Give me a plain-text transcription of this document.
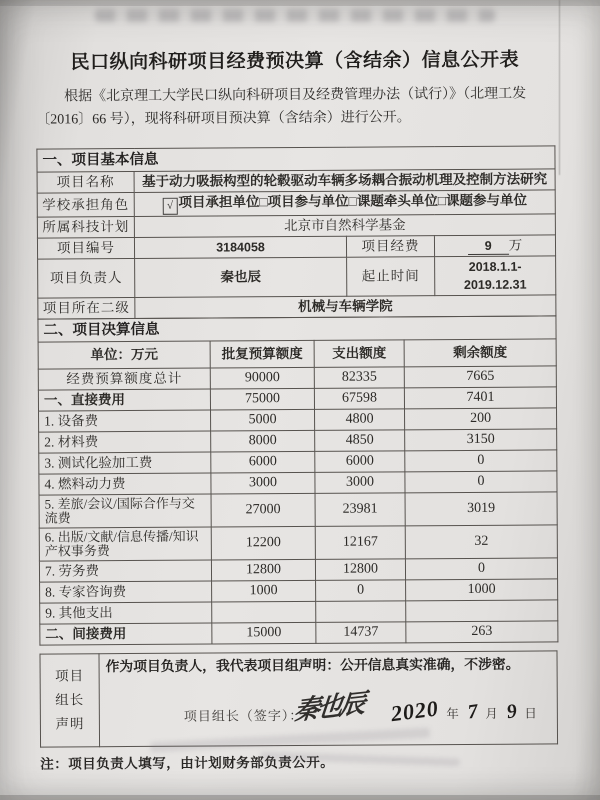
民口纵向科研项目经费预决算（含结余）信息公开表

根据《北京理工大学民口纵向科研项目及经费管理办法（试行）》（北理工发〔2016〕66 号），现将科研项目预决算（含结余）进行公开。

一、项目基本信息			
项目名称	基于动力吸振构型的轮毂驱动车辆多场耦合振动机理及控制方法研究		
学校承担角色	√ 项目承担单位□项目参与单位□课题牵头单位□课题参与单位		
所属科技计划	北京市自然科学基金		
项目编号	3184058	项目经费	9 万
项目负责人	秦也辰	起止时间	2018.1.1-2019.12.31
项目所在二级	机械与车辆学院		
二、项目决算信息			
单位：万元	批复预算额度	支出额度	剩余额度
经费预算额度总计	90000	82335	7665
一、直接费用	75000	67598	7401
1. 设备费	5000	4800	200
2. 材料费	8000	4850	3150
3. 测试化验加工费	6000	6000	0
4. 燃料动力费	3000	3000	0
5. 差旅/会议/国际合作与交流费	27000	23981	3019
6. 出版/文献/信息传播/知识产权事务费	12200	12167	32
7. 劳务费	12800	12800	0
8. 专家咨询费	1000	0	1000
9. 其他支出			
二、间接费用	15000	14737	263
项目
组长
声明

作为项目负责人，我代表项目组声明：公开信息真实准确，不涉密。
项目组长（签字）：
秦也辰 2020 年 7 月 9 日
注：项目负责人填写，由计划财务部负责公开。
